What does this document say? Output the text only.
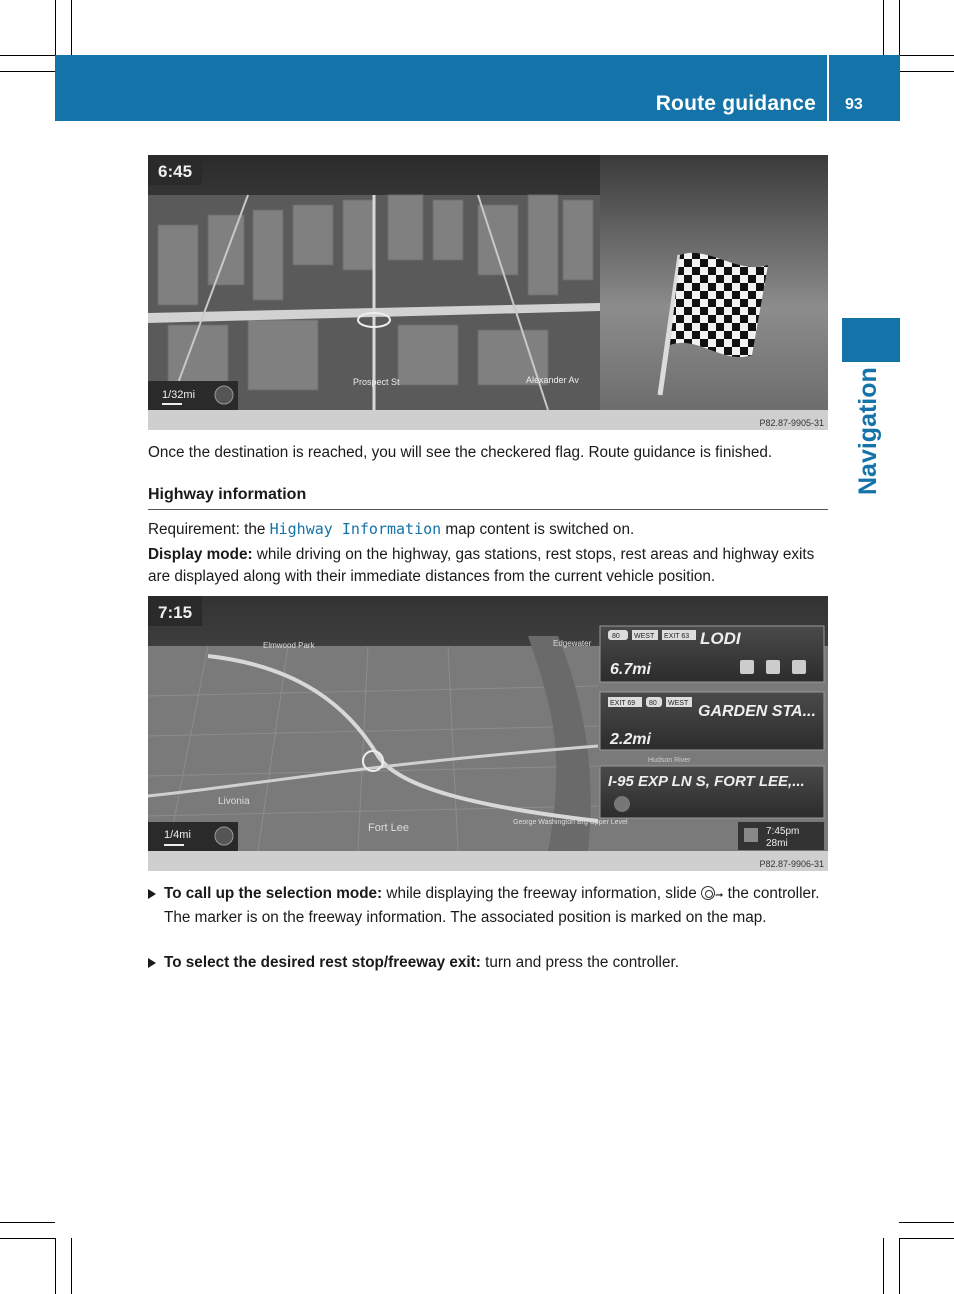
Route guidance 93
Navigation
Prospect St	Alexander Av
6:45
1/32mi
P82.87-9905-31

Once the destination is reached, you will see the checkered flag. Route guidance is finished.

Highway information

Requirement: the Highway Information map content is switched on.

Display mode: while driving on the highway, gas stations, rest stops, rest areas and highway exits are displayed along with their immediate distances from the current vehicle position.

Livonia
Fort Lee	George Washington Brg Upper Level
Edgewater
Elmwood Park
7:15
1/4mi
80 WEST EXIT 63 LODI
6.7mi
EXIT 69 80 WEST GARDEN STA...
2.2mi
Hudson River
I-95 EXP LN S, FORT LEE,...
7:45pm
28mi
P82.87-9906-31
To call up the selection mode: while displaying the freeway information, slide ➞ the controller.
The marker is on the freeway information. The associated position is marked on the map.
To select the desired rest stop/freeway exit: turn and press the controller.
